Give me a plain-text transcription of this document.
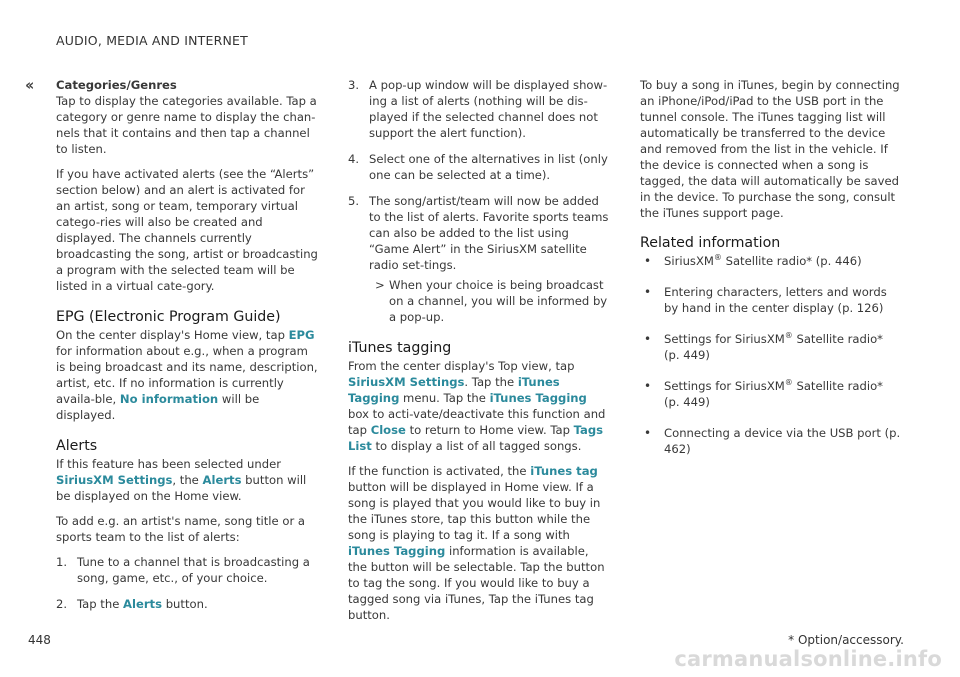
AUDIO, MEDIA AND INTERNET
‹‹ Categories/Genres

Tap to display the categories available. Tap a category or genre name to display the chan-nels that it contains and then tap a channel to listen.

If you have activated alerts (see the “Alerts” section below) and an alert is activated for an artist, song or team, temporary virtual catego-ries will also be created and displayed. The channels currently broadcasting the song, artist or broadcasting a program with the selected team will be listed in a virtual cate-gory.

EPG (Electronic Program Guide)

On the center display's Home view, tap EPG for information about e.g., when a program is being broadcast and its name, description, artist, etc. If no information is currently availa-ble, No information will be displayed.

Alerts

If this feature has been selected under SiriusXM Settings, the Alerts button will be displayed on the Home view.

To add e.g. an artist's name, song title or a sports team to the list of alerts:

1. Tune to a channel that is broadcasting a song, game, etc., of your choice.
2. Tap the Alerts button.
3. A pop-up window will be displayed show-ing a list of alerts (nothing will be dis-played if the selected channel does not support the alert function).
4. Select one of the alternatives in list (only one can be selected at a time).
5. The song/artist/team will now be added to the list of alerts. Favorite sports teams can also be added to the list using “Game Alert” in the SiriusXM satellite radio set-tings.
> When your choice is being broadcast on a channel, you will be informed by a pop-up.
iTunes tagging

From the center display's Top view, tap SiriusXM Settings. Tap the iTunes Tagging menu. Tap the iTunes Tagging box to acti-vate/deactivate this function and tap Close to return to Home view. Tap Tags List to display a list of all tagged songs.

If the function is activated, the iTunes tag button will be displayed in Home view. If a song is played that you would like to buy in the iTunes store, tap this button while the song is playing to tag it. If a song with iTunes Tagging information is available, the button will be selectable. Tap the button to tag the song. If you would like to buy a tagged song via iTunes, Tap the iTunes tag button.

To buy a song in iTunes, begin by connecting an iPhone/iPod/iPad to the USB port in the tunnel console. The iTunes tagging list will automatically be transferred to the device and removed from the list in the vehicle. If the device is connected when a song is tagged, the data will automatically be saved in the device. To purchase the song, consult the iTunes support page.

Related information
• SiriusXM® Satellite radio* (p. 446)
• Entering characters, letters and words by hand in the center display (p. 126)
• Settings for SiriusXM® Satellite radio* (p. 449)
• Settings for SiriusXM® Satellite radio* (p. 449)
• Connecting a device via the USB port (p. 462)
448	* Option/accessory.
carmanualsonline.info
